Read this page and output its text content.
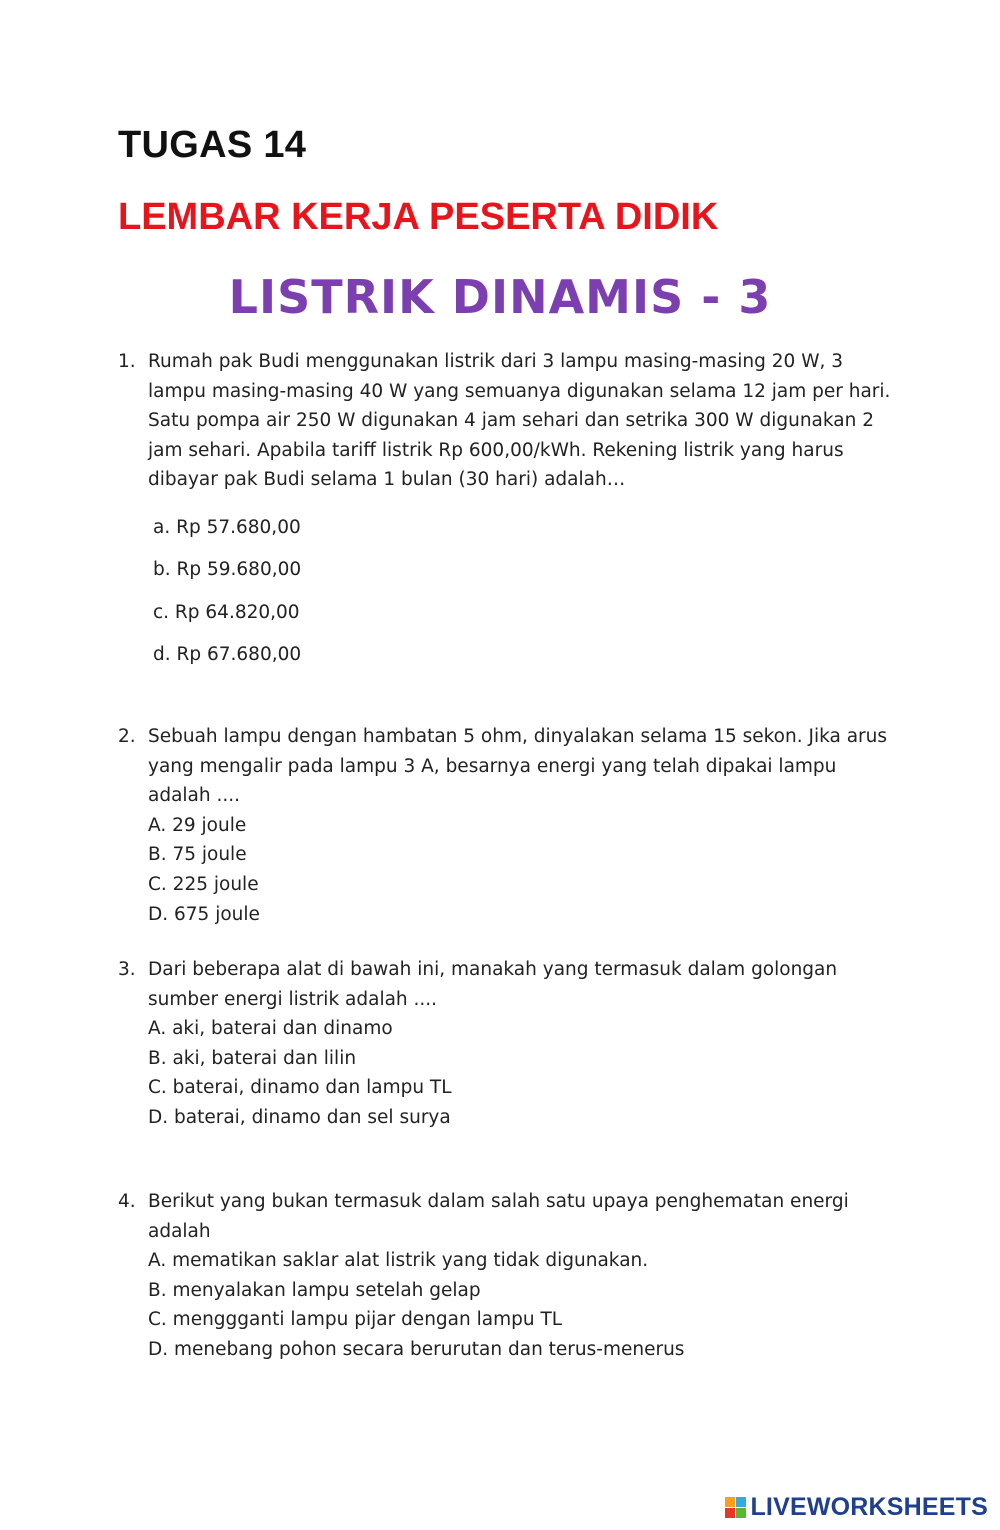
TUGAS 14
LEMBAR KERJA PESERTA DIDIK
LISTRIK DINAMIS - 3
1. Rumah pak Budi menggunakan listrik dari 3 lampu masing-masing 20 W, 3 lampu masing-masing 40 W yang semuanya digunakan selama 12 jam per hari. Satu pompa air 250 W digunakan 4 jam sehari dan setrika 300 W digunakan 2 jam sehari. Apabila tariff listrik Rp 600,00/kWh. Rekening listrik yang harus dibayar pak Budi selama 1 bulan (30 hari) adalah…
a. Rp 57.680,00
b. Rp 59.680,00
c. Rp 64.820,00
d. Rp 67.680,00
2. Sebuah lampu dengan hambatan 5 ohm, dinyalakan selama 15 sekon. Jika arus yang mengalir pada lampu 3 A, besarnya energi yang telah dipakai lampu adalah ....
A. 29 joule
B. 75 joule
C. 225 joule
D. 675 joule
3. Dari beberapa alat di bawah ini, manakah yang termasuk dalam golongan sumber energi listrik adalah ....
A. aki, baterai dan dinamo
B. aki, baterai dan lilin
C. baterai, dinamo dan lampu TL
D. baterai, dinamo dan sel surya
4. Berikut yang bukan termasuk dalam salah satu upaya penghematan energi adalah
A. mematikan saklar alat listrik yang tidak digunakan.
B. menyalakan lampu setelah gelap
C. menggganti lampu pijar dengan lampu TL
D. menebang pohon secara berurutan dan terus-menerus
LIVEWORKSHEETS
